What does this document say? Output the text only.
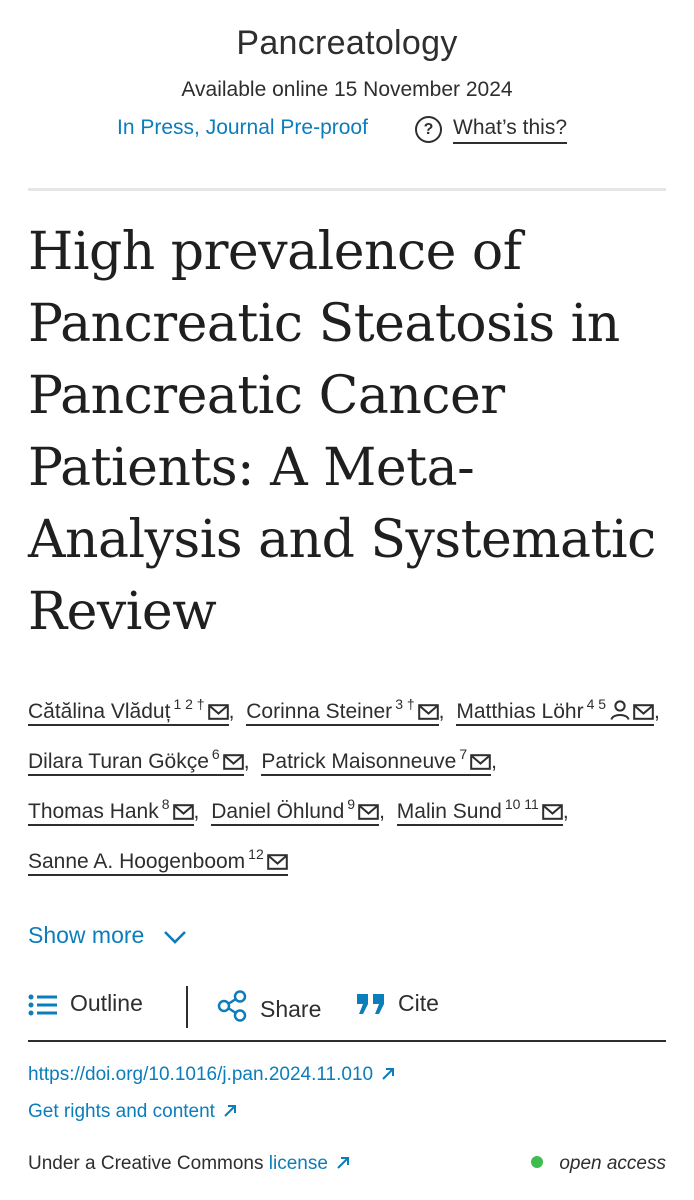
Pancreatology
Available online 15 November 2024
In Press, Journal Pre-proof	? What’s this?
High prevalence of Pancreatic Steatosis in Pancreatic Cancer Patients: A Meta-Analysis and Systematic Review
Cătălina Vlăduț $^{1 2 \dagger}$ , Corinna Steiner $^{3 \dagger}$ , Matthias Löhr $^{4 5}$ , Dilara Turan Gökçe $^6$ , Patrick Maisonneuve $^7$ , Thomas Hank $^8$ , Daniel Öhlund $^9$ , Malin Sund $^{10 11}$ , Sanne A. Hoogenboom $^{12}$
Show more
Outline	Share	Cite
https://doi.org/10.1016/j.pan.2024.11.010
Get rights and content
Under a Creative Commons license	open access
